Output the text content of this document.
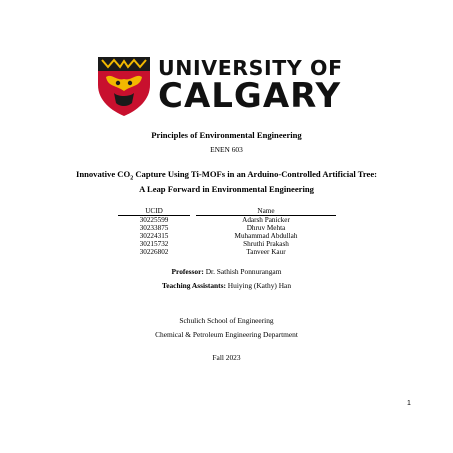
UNIVERSITY OF
CALGARY
Principles of Environmental Engineering
ENEN 603
Innovative $CO_2$ Capture Using Ti-MOFs in an Arduino-Controlled Artificial Tree:
A Leap Forward in Environmental Engineering
UCID		Name
30225599		Adarsh Panicker
30233875		Dhruv Mehta
30224315		Muhammad Abdullah
30215732		Shruthi Prakash
30226802		Tanveer Kaur
Professor: Dr. Sathish Ponnurangam
Teaching Assistants: Huiying (Kathy) Han
Schulich School of Engineering
Chemical & Petroleum Engineering Department
Fall 2023
1
